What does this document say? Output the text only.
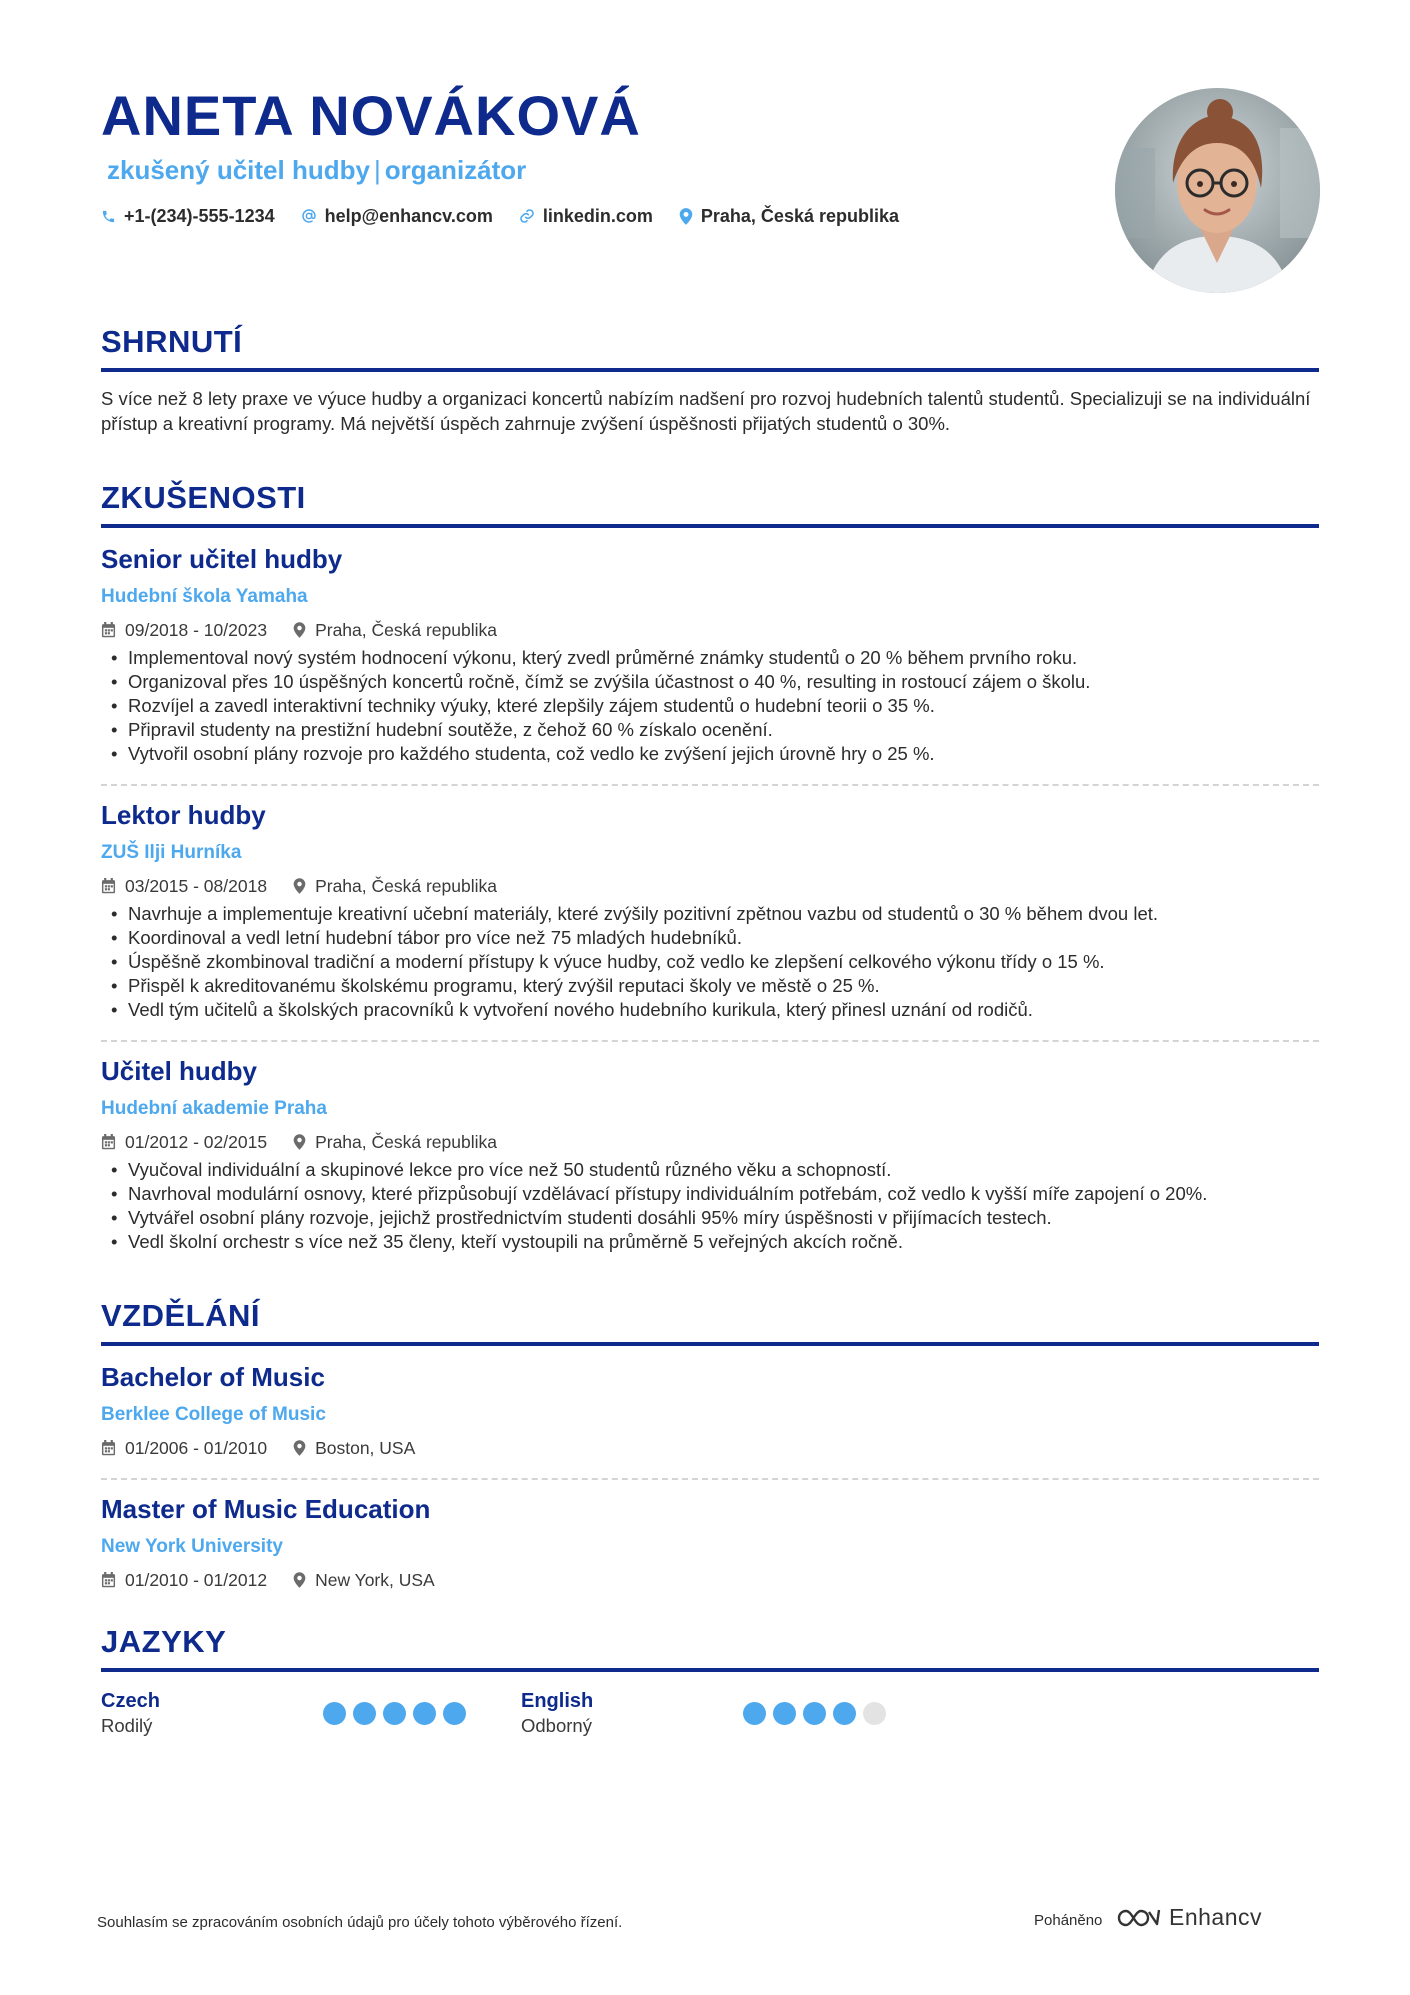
ANETA NOVÁKOVÁ
zkušený učitel hudby | organizátor
+1-(234)-555-1234	help@enhancv.com	linkedin.com	Praha, Česká republika
SHRNUTÍ
S více než 8 lety praxe ve výuce hudby a organizaci koncertů nabízím nadšení pro rozvoj hudebních talentů studentů. Specializuji se na individuální přístup a kreativní programy. Má největší úspěch zahrnuje zvýšení úspěšnosti přijatých studentů o 30%.
ZKUŠENOSTI
Senior učitel hudby
Hudební škola Yamaha
09/2018 - 10/2023	Praha, Česká republika
• Implementoval nový systém hodnocení výkonu, který zvedl průměrné známky studentů o 20 % během prvního roku.
• Organizoval přes 10 úspěšných koncertů ročně, čímž se zvýšila účastnost o 40 %, resulting in rostoucí zájem o školu.
• Rozvíjel a zavedl interaktivní techniky výuky, které zlepšily zájem studentů o hudební teorii o 35 %.
• Připravil studenty na prestižní hudební soutěže, z čehož 60 % získalo ocenění.
• Vytvořil osobní plány rozvoje pro každého studenta, což vedlo ke zvýšení jejich úrovně hry o 25 %.
Lektor hudby
ZUŠ Ilji Hurníka
03/2015 - 08/2018	Praha, Česká republika
• Navrhuje a implementuje kreativní učební materiály, které zvýšily pozitivní zpětnou vazbu od studentů o 30 % během dvou let.
• Koordinoval a vedl letní hudební tábor pro více než 75 mladých hudebníků.
• Úspěšně zkombinoval tradiční a moderní přístupy k výuce hudby, což vedlo ke zlepšení celkového výkonu třídy o 15 %.
• Přispěl k akreditovanému školskému programu, který zvýšil reputaci školy ve městě o 25 %.
• Vedl tým učitelů a školských pracovníků k vytvoření nového hudebního kurikula, který přinesl uznání od rodičů.
Učitel hudby
Hudební akademie Praha
01/2012 - 02/2015	Praha, Česká republika
• Vyučoval individuální a skupinové lekce pro více než 50 studentů různého věku a schopností.
• Navrhoval modulární osnovy, které přizpůsobují vzdělávací přístupy individuálním potřebám, což vedlo k vyšší míře zapojení o 20%.
• Vytvářel osobní plány rozvoje, jejichž prostřednictvím studenti dosáhli 95% míry úspěšnosti v přijímacích testech.
• Vedl školní orchestr s více než 35 členy, kteří vystoupili na průměrně 5 veřejných akcích ročně.
VZDĚLÁNÍ
Bachelor of Music
Berklee College of Music
01/2006 - 01/2010	Boston, USA
Master of Music Education
New York University
01/2010 - 01/2012	New York, USA
JAZYKY
Czech
Rodilý
English
Odborný
Souhlasím se zpracováním osobních údajů pro účely tohoto výběrového řízení.	Poháněno	Enhancv
